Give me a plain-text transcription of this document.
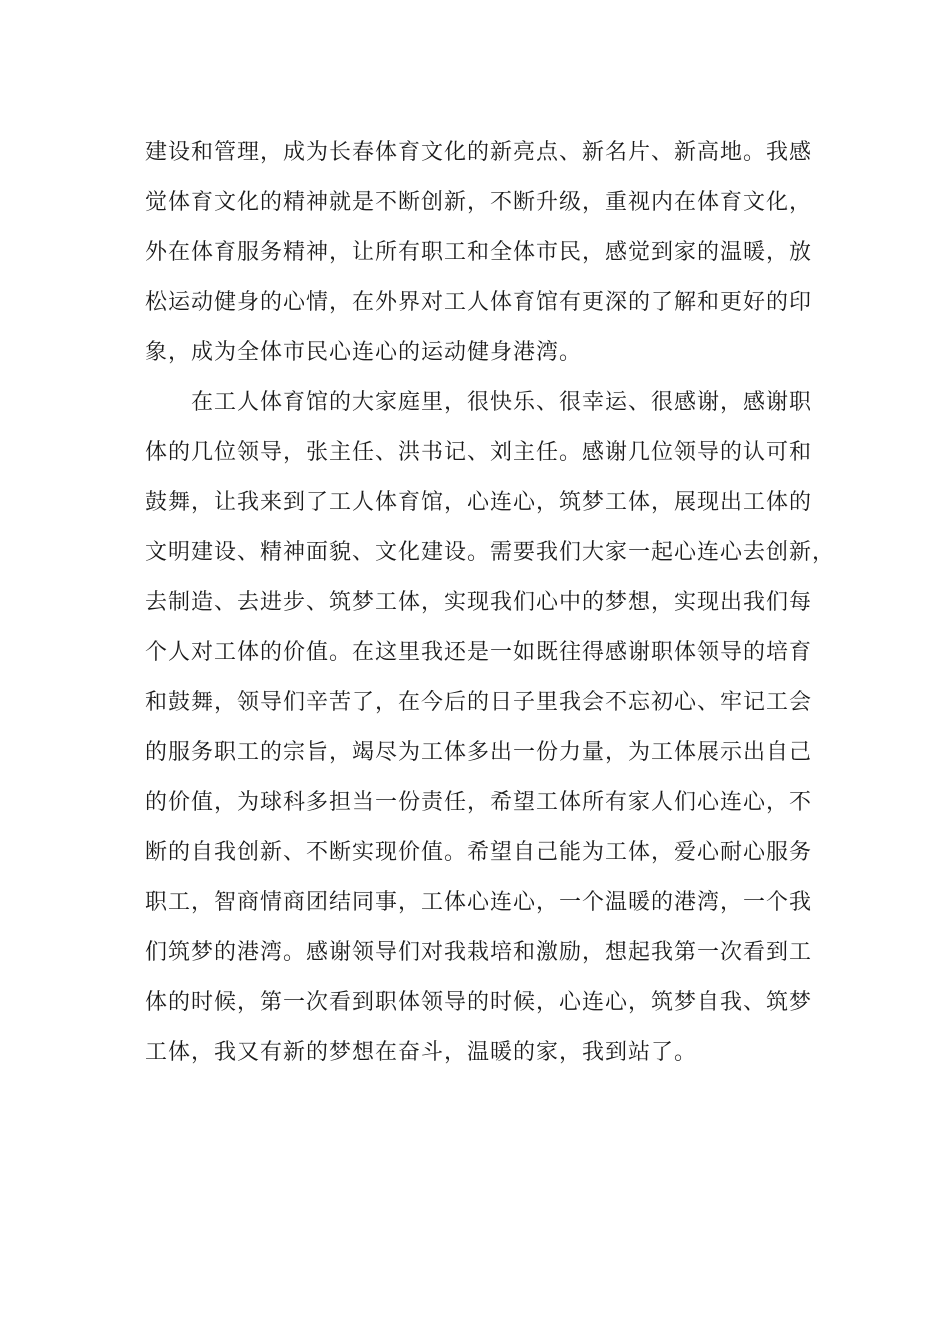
建设和管理，成为长春体育文化的新亮点、新名片、新高地。我感
觉体育文化的精神就是不断创新，不断升级，重视内在体育文化，
外在体育服务精神，让所有职工和全体市民，感觉到家的温暖，放
松运动健身的心情，在外界对工人体育馆有更深的了解和更好的印
象，成为全体市民心连心的运动健身港湾。
　　在工人体育馆的大家庭里，很快乐、很幸运、很感谢，感谢职
体的几位领导，张主任、洪书记、刘主任。感谢几位领导的认可和
鼓舞，让我来到了工人体育馆，心连心，筑梦工体，展现出工体的
文明建设、精神面貌、文化建设。需要我们大家一起心连心去创新，
去制造、去进步、筑梦工体，实现我们心中的梦想，实现出我们每
个人对工体的价值。在这里我还是一如既往得感谢职体领导的培育
和鼓舞，领导们辛苦了，在今后的日子里我会不忘初心、牢记工会
的服务职工的宗旨，竭尽为工体多出一份力量，为工体展示出自己
的价值，为球科多担当一份责任，希望工体所有家人们心连心，不
断的自我创新、不断实现价值。希望自己能为工体，爱心耐心服务
职工，智商情商团结同事，工体心连心，一个温暖的港湾，一个我
们筑梦的港湾。感谢领导们对我栽培和激励，想起我第一次看到工
体的时候，第一次看到职体领导的时候，心连心，筑梦自我、筑梦
工体，我又有新的梦想在奋斗，温暖的家，我到站了。
